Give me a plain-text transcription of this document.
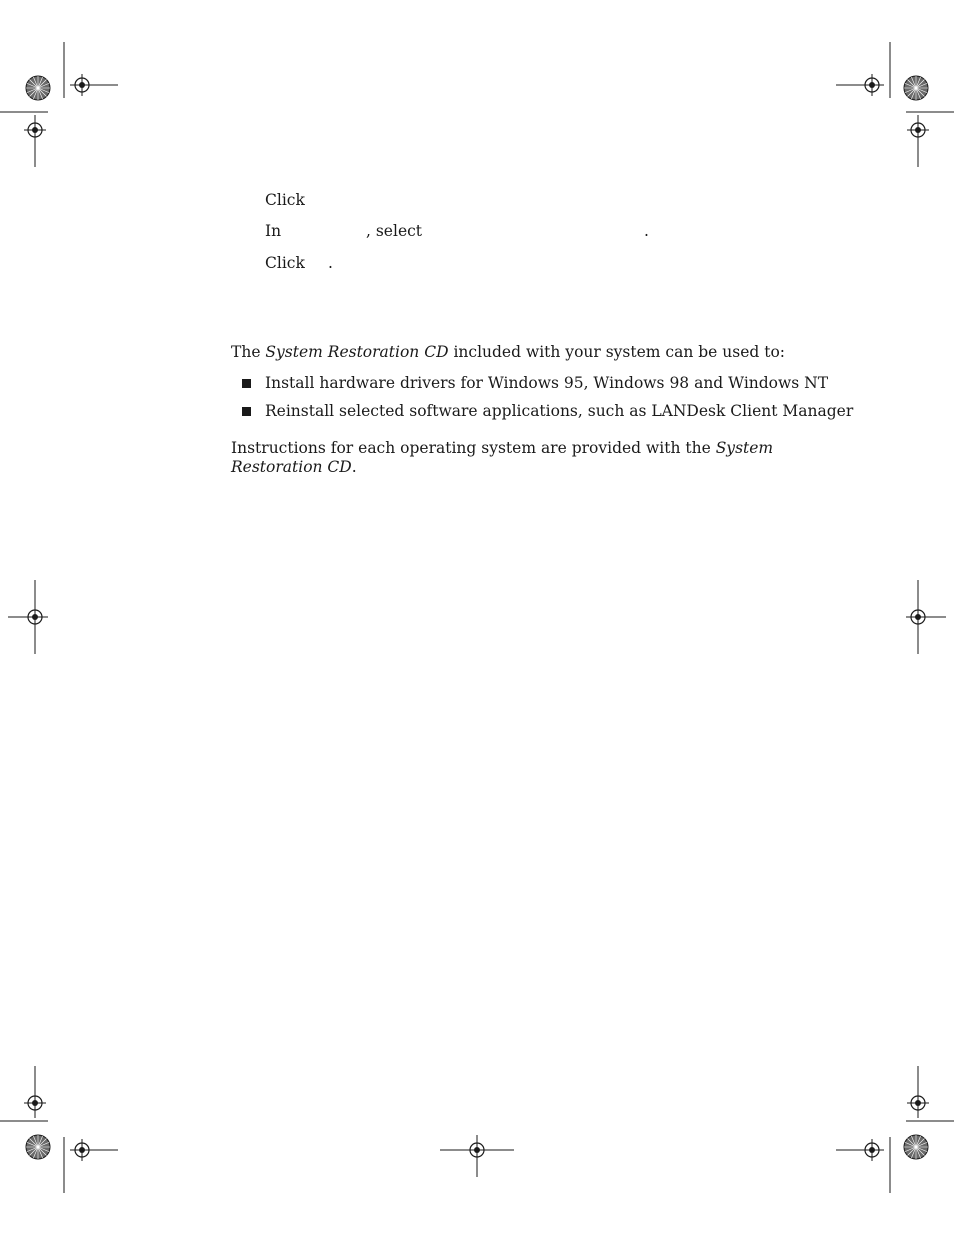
Click
In	, select	.
Click .
The System Restoration CD included with your system can be used to:
Install hardware drivers for Windows 95, Windows 98 and Windows NT
Reinstall selected software applications, such as LANDesk Client Manager
Instructions for each operating system are provided with the System Restoration CD.
